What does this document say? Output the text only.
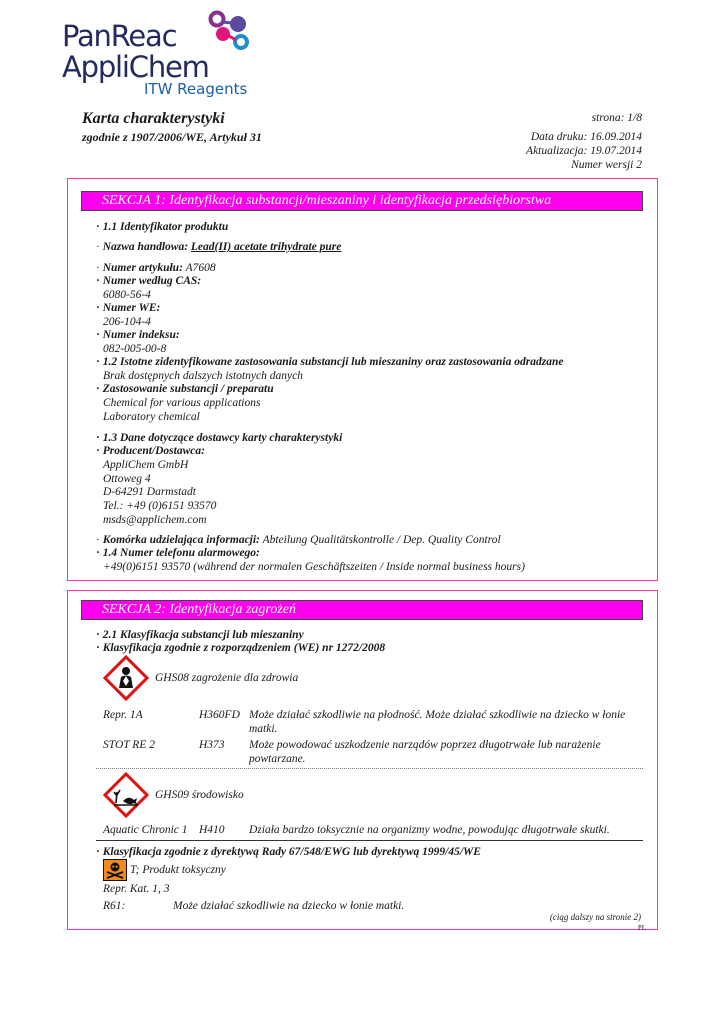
PanReac
AppliChem
ITW Reagents
Karta charakterystyki
zgodnie z 1907/2006/WE, Artykuł 31
strona: 1/8
Data druku: 16.09.2014
Aktualizacja: 19.07.2014
Numer wersji 2
SEKCJA 1: Identyfikacja substancji/mieszaniny i identyfikacja przedsiębiorstwa
· 1.1 Identyfikator produktu
· Nazwa handlowa: Lead(II) acetate trihydrate pure
· Numer artykułu: A7608
· Numer według CAS:
6080-56-4
· Numer WE:
206-104-4
· Numer indeksu:
082-005-00-8
· 1.2 Istotne zidentyfikowane zastosowania substancji lub mieszaniny oraz zastosowania odradzane
Brak dostępnych dalszych istotnych danych
· Zastosowanie substancji / preparatu
Chemical for various applications
Laboratory chemical
· 1.3 Dane dotyczące dostawcy karty charakterystyki
· Producent/Dostawca:
AppliChem GmbH
Ottoweg 4
D-64291 Darmstadt
Tel.: +49 (0)6151 93570
msds@applichem.com
· Komórka udzielająca informacji: Abteilung Qualitätskontrolle / Dep. Quality Control
· 1.4 Numer telefonu alarmowego:
+49(0)6151 93570 (während der normalen Geschäftszeiten / Inside normal business hours)
SEKCJA 2: Identyfikacja zagrożeń
· 2.1 Klasyfikacja substancji lub mieszaniny
· Klasyfikacja zgodnie z rozporządzeniem (WE) nr 1272/2008
GHS08 zagrożenie dla zdrowia
Repr. 1A	H360FD Może działać szkodliwie na płodność. Może działać szkodliwie na dziecko w łonie matki.
STOT RE 2	H373 Może powodować uszkodzenie narządów poprzez długotrwałe lub narażenie powtarzane.
GHS09 środowisko
Aquatic Chronic 1 H410 Działa bardzo toksycznie na organizmy wodne, powodując długotrwałe skutki.
· Klasyfikacja zgodnie z dyrektywą Rady 67/548/EWG lub dyrektywą 1999/45/WE
T; Produkt toksyczny
Repr. Kat. 1, 3
R61:	Może działać szkodliwie na dziecko w łonie matki.
(ciąg dalszy na stronie 2)
PL
